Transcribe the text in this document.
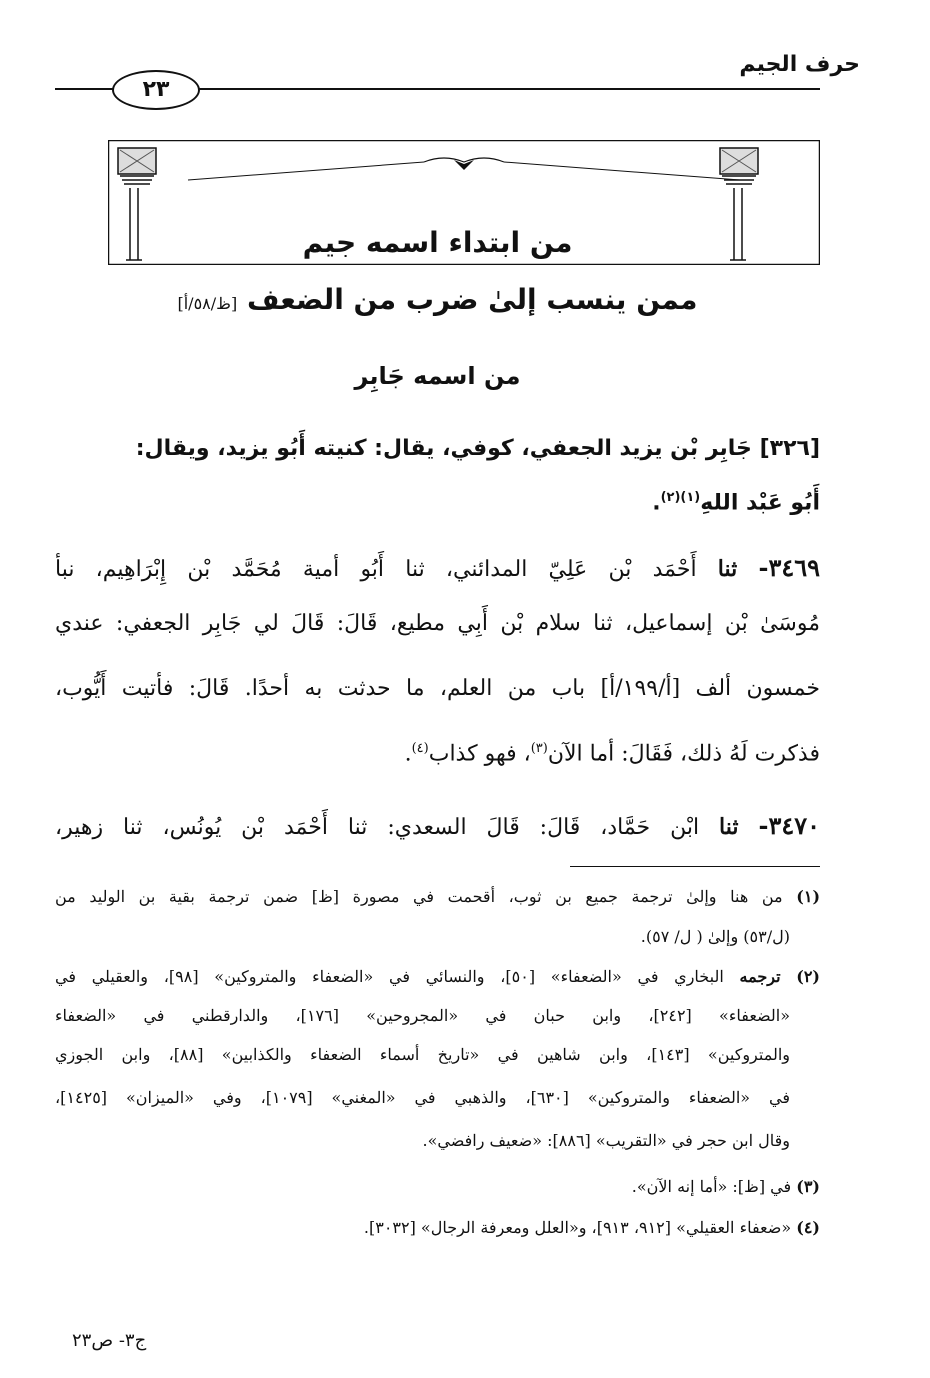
حرف الجيم
٢٣
من ابتداء اسمه جيم
ممن ينسب إلىٰ ضرب من الضعف [ظ/٥٨/أ]
من اسمه جَابِر
[٣٢٦] جَابِر بْن يزيد الجعفي، كوفي، يقال: كنيته أَبُو يزيد، ويقال:
أَبُو عَبْد اللهِ$^{(١)(٢)}$.
٣٤٦٩- ثنا أَحْمَد بْن عَلِيّ المدائني، ثنا أَبُو أمية مُحَمَّد بْن إِبْرَاهِيم، نبأ
مُوسَىٰ بْن إسماعيل، ثنا سلام بْن أَبِي مطيع، قَالَ: قَالَ لي جَابِر الجعفي: عندي
خمسون ألف [أ/١٩٩/أ] باب من العلم، ما حدثت به أحدًا. قَالَ: فأتيت أَيُّوب،
فذكرت لَهُ ذلك، فَقَالَ: أما الآن$^{(٣)}$، فهو كذاب$^{(٤)}$.
٣٤٧٠- ثنا ابْن حَمَّاد، قَالَ: قَالَ السعدي: ثنا أَحْمَد بْن يُونُس، ثنا زهير،
(١) من هنا وإلىٰ ترجمة جميع بن ثوب، أقحمت في مصورة [ظ] ضمن ترجمة بقية بن الوليد من
(ل/٥٣) وإلىٰ ( ل/ ٥٧).
(٢) ترجمه البخاري في «الضعفاء» [٥٠]، والنسائي في «الضعفاء والمتروكين» [٩٨]، والعقيلي في
«الضعفاء» [٢٤٢]، وابن حبان في «المجروحين» [١٧٦]، والدارقطني في «الضعفاء
والمتروكين» [١٤٣]، وابن شاهين في «تاريخ أسماء الضعفاء والكذابين» [٨٨]، وابن الجوزي
في «الضعفاء والمتروكين» [٦٣٠]، والذهبي في «المغني» [١٠٧٩]، وفي «الميزان» [١٤٢٥]،
وقال ابن حجر في «التقريب» [٨٨٦]: «ضعيف رافضي».
(٣) في [ظ]: «أما إنه الآن».
(٤) «ضعفاء العقيلي» [٩١٢، ٩١٣]، و«العلل ومعرفة الرجال» [٣٠٣٢].
ج٣- ص٢٣
